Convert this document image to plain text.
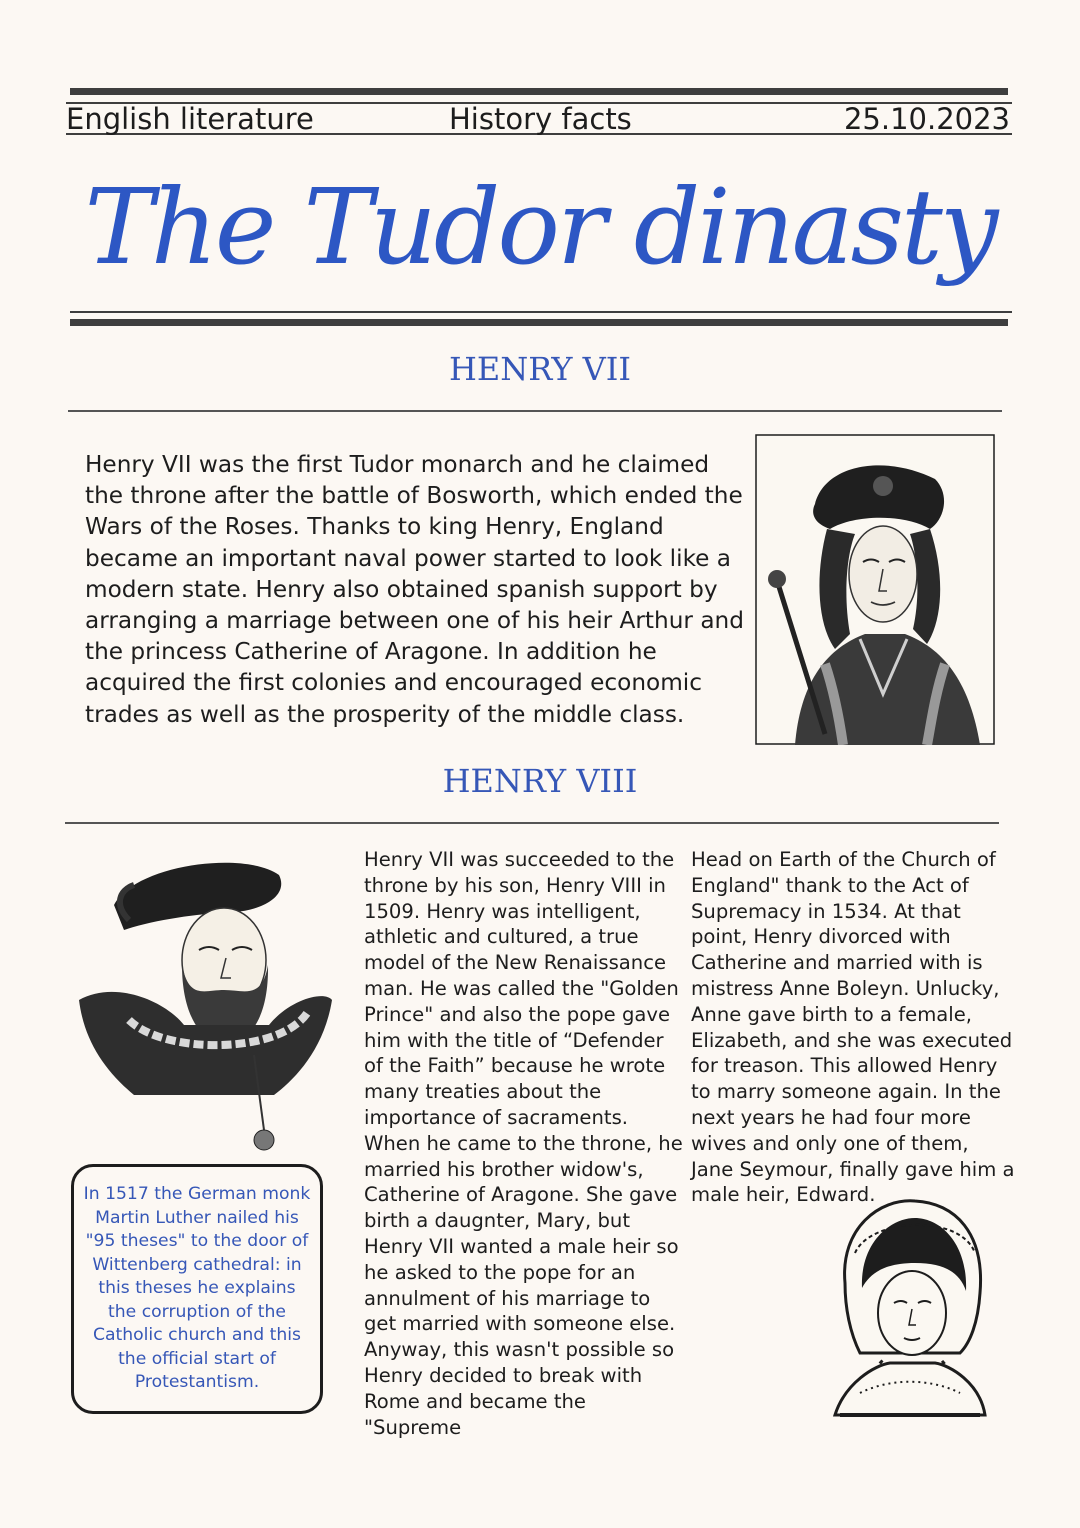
English literature	History facts	25.10.2023
The Tudor dinasty
HENRY VII
Henry VII was the first Tudor monarch and he claimed the throne after the battle of Bosworth, which ended the Wars of the Roses. Thanks to king Henry, England became an important naval power started to look like a modern state. Henry also obtained spanish support by arranging a marriage between one of his heir Arthur and the princess Catherine of Aragone. In addition he acquired the first colonies and encouraged economic trades as well as the prosperity of the middle class.
HENRY VIII
In 1517 the German monk Martin Luther nailed his "95 theses" to the door of Wittenberg cathedral: in this theses he explains the corruption of the Catholic church and this the official start of Protestantism.
Henry VII was succeeded to the throne by his son, Henry VIII in 1509. Henry was intelligent, athletic and cultured, a true model of the New Renaissance man. He was called the "Golden Prince" and also the pope gave him with the title of “Defender of the Faith” because he wrote many treaties about the importance of sacraments. When he came to the throne, he married his brother widow's, Catherine of Aragone. She gave birth a daugnter, Mary, but Henry VII wanted a male heir so he asked to the pope for an annulment of his marriage to get married with someone else. Anyway, this wasn't possible so Henry decided to break with Rome and became the "Supreme
Head on Earth of the Church of England" thank to the Act of Supremacy in 1534. At that point, Henry divorced with Catherine and married with is mistress Anne Boleyn. Unlucky, Anne gave birth to a female, Elizabeth, and she was executed for treason. This allowed Henry to marry someone again. In the next years he had four more wives and only one of them, Jane Seymour, finally gave him a male heir, Edward.
